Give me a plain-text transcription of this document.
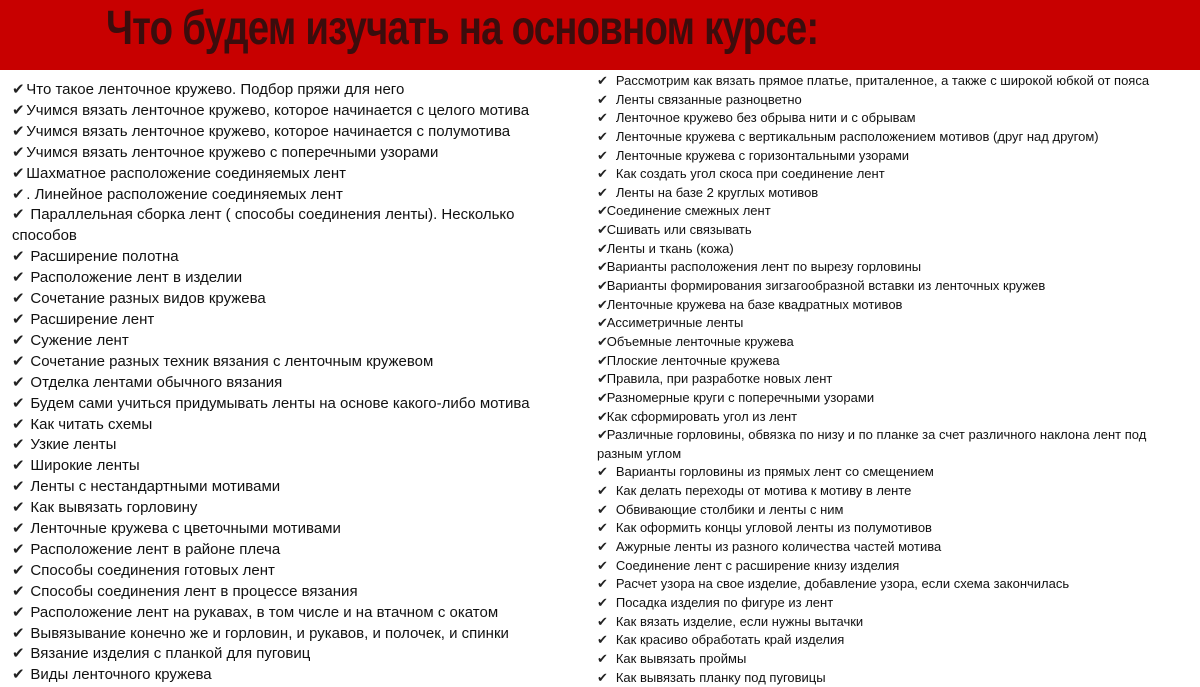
Что будем изучать на основном курсе:
✔ Что такое ленточное кружево. Подбор пряжи для него
✔ Учимся вязать ленточное кружево, которое начинается с целого мотива
✔ Учимся вязать ленточное кружево, которое начинается с полумотива
✔ Учимся вязать ленточное кружево с поперечными узорами
✔ Шахматное расположение соединяемых лент
✔ . Линейное расположение соединяемых лент
✔ Параллельная сборка лент ( способы соединения ленты). Несколько способов
✔ Расширение полотна
✔ Расположение лент в изделии
✔ Сочетание разных видов кружева
✔ Расширение лент
✔ Сужение лент
✔ Сочетание разных техник вязания с ленточным кружевом
✔ Отделка лентами обычного вязания
✔ Будем сами учиться придумывать ленты на основе какого-либо мотива
✔ Как читать схемы
✔ Узкие ленты
✔ Широкие ленты
✔ Ленты с нестандартными мотивами
✔ Как вывязать горловину
✔ Ленточные кружева с цветочными мотивами
✔ Расположение лент в районе плеча
✔ Способы соединения готовых лент
✔ Способы соединения лент в процессе вязания
✔ Расположение лент на рукавах, в том числе и на втачном с окатом
✔ Вывязывание конечно же и горловин, и рукавов, и полочек, и спинки
✔ Вязание изделия с планкой для пуговиц
✔ Виды ленточного кружева
✔ Рассмотрим как вязать прямое платье, приталенное, а также с широкой юбкой от пояса
✔ Ленты связанные разноцветно
✔ Ленточное кружево без обрыва нити и с обрывам
✔ Ленточные кружева с вертикальным расположением мотивов (друг над другом)
✔ Ленточные кружева с горизонтальными узорами
✔ Как создать угол скоса при соединение лент
✔ Ленты на базе 2 круглых мотивов
✔Соединение смежных лент
✔Сшивать или связывать
✔Ленты и ткань (кожа)
✔Варианты расположения лент по вырезу горловины
✔Варианты формирования зигзагообразной вставки из ленточных кружев
✔Ленточные кружева на базе квадратных мотивов
✔Ассиметричные ленты
✔Объемные ленточные кружева
✔Плоские ленточные кружева
✔Правила, при разработке новых лент
✔Разномерные круги с поперечными узорами
✔Как сформировать угол из лент
✔Различные горловины, обвязка по низу и по планке за счет различного наклона лент под разным углом
✔ Варианты горловины из прямых лент со смещением
✔ Как делать переходы от мотива к мотиву в ленте
✔ Обвивающие столбики и ленты с ним
✔ Как оформить концы угловой ленты из полумотивов
✔ Ажурные ленты из разного количества частей мотива
✔ Соединение лент с расширение книзу изделия
✔ Расчет узора на свое изделие, добавление узора, если схема закончилась
✔ Посадка изделия по фигуре из лент
✔ Как вязать изделие, если нужны вытачки
✔ Как красиво обработать край изделия
✔ Как вывязать проймы
✔ Как вывязать планку под пуговицы
